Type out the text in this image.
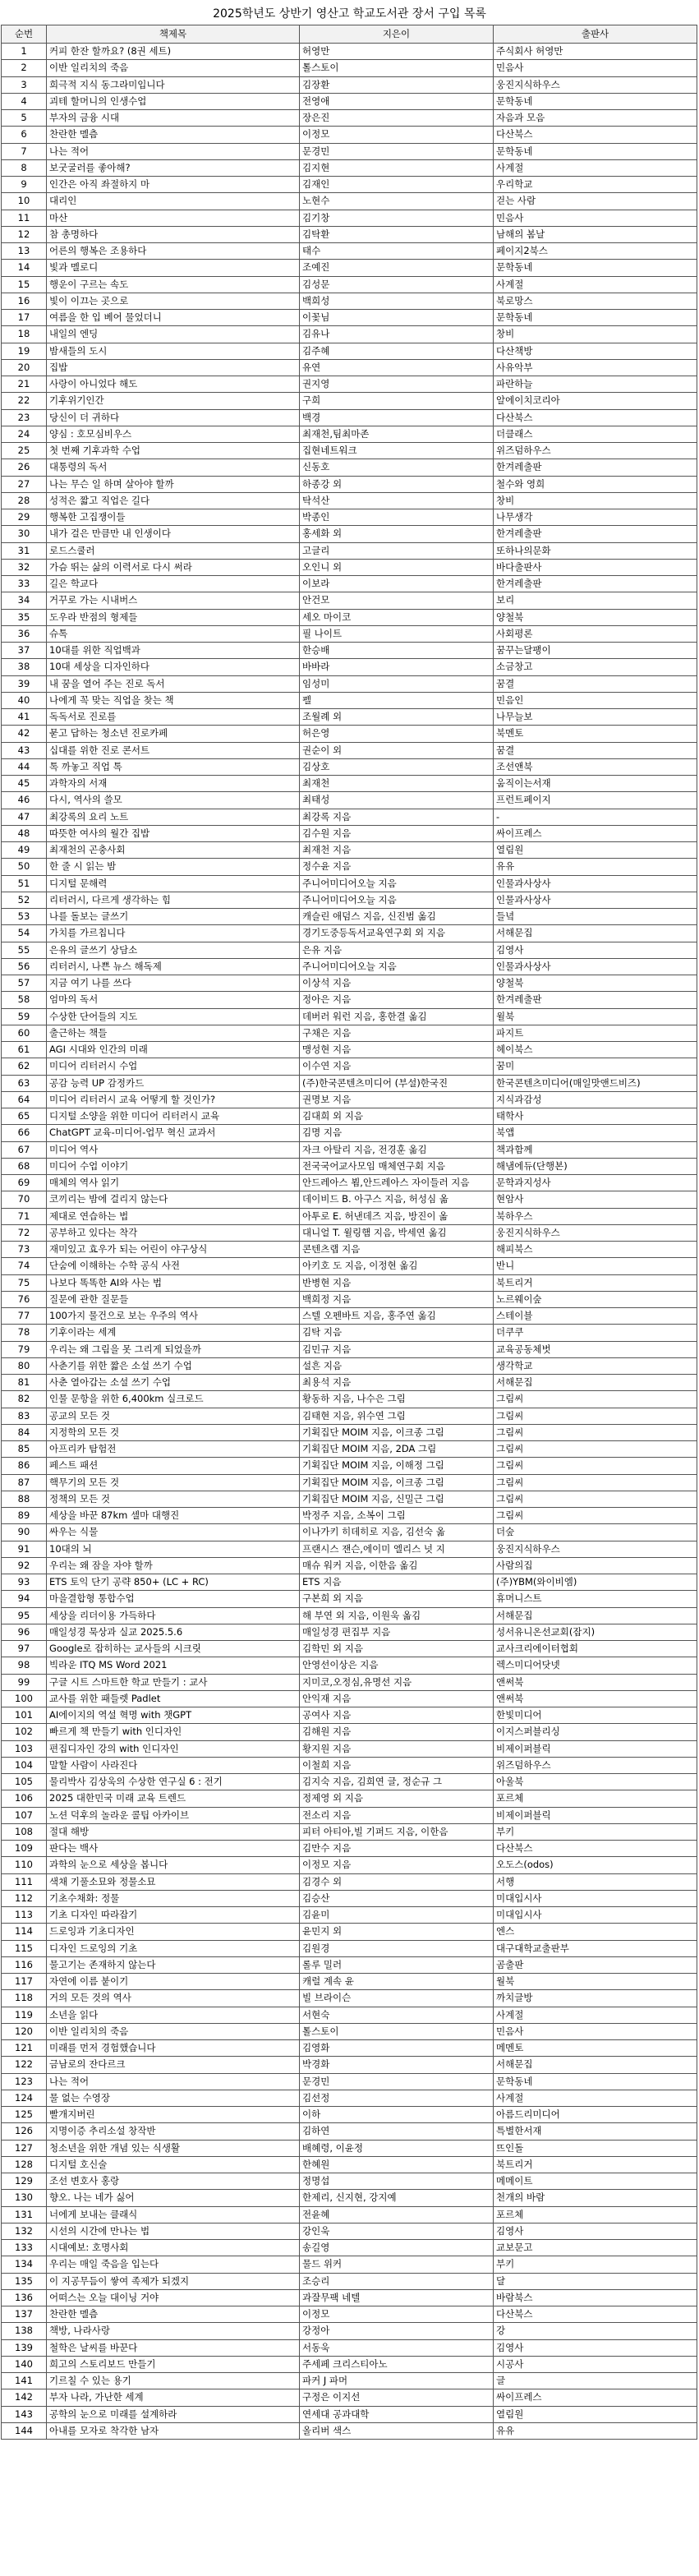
2025학년도 상반기 영산고 학교도서관 장서 구입 목록
순번	책제목	지은이	출판사
1	커피 한잔 할까요? (8권 세트)	허영만	주식회사 허영만
2	이반 일리치의 죽음	톨스토이	민음사
3	희극적 지식 동그라미입니다	김장환	웅진지식하우스
4	괴테 할머니의 인생수업	전영애	문학동네
5	부자의 금융 시대	장은진	자음과 모음
6	찬란한 멜츰	이정모	다산북스
7	나는 적어	문경민	문학동네
8	보굿굴러를 좋아해?	김지현	사계절
9	인간은 아직 좌절하지 마	김재인	우리학교
10	대리인	노현수	걷는 사람
11	마산	김기창	민음사
12	참 총명하다	김탁환	남해의 봄날
13	어른의 행복은 조용하다	태수	페이지2북스
14	빛과 멜로디	조예진	문학동네
15	행운이 구르는 속도	김성문	사계절
16	빛이 이끄는 곳으로	백희성	북로망스
17	여름을 한 입 베어 물었더니	이꽃님	문학동네
18	내일의 엔딩	김유나	창비
19	밤새들의 도시	김주혜	다산책방
20	집밥	유연	사유악부
21	사랑이 아니었다 해도	권지영	파란하늘
22	기후위기인간	구희	알에이치코리아
23	당신이 더 귀하다	백경	다산북스
24	양심 : 호모심비우스	최재천,팀최마존	더클래스
25	첫 번째 기후과학 수업	집현네트워크	위즈덤하우스
26	대통령의 독서	신동호	한겨레출판
27	나는 무슨 일 하며 살아야 할까	하종강 외	철수와 영희
28	성적은 짧고 직업은 길다	탁석산	창비
29	행복한 고집쟁이들	박종인	나무생각
30	내가 걸은 만큼만 내 인생이다	홍세화 외	한겨레출판
31	로드스쿨러	고글리	또하나의문화
32	가슴 뛰는 삶의 이력서로 다시 써라	오인니 외	바다출판사
33	길은 학교다	이보라	한겨레출판
34	거꾸로 가는 시내버스	안건모	보리
35	도우라 반점의 형제들	세오 마이코	양철북
36	슈톡	필 나이트	사회평론
37	10대를 위한 직업백과	한승배	꿈꾸는달팽이
38	10대 세상을 디자인하다	바바라	소금창고
39	내 꿈을 열어 주는 진로 독서	임성미	꿈결
40	나에게 꼭 맞는 직업을 찾는 책	펠	민음인
41	독독서로 진로를	조월례 외	나무늘보
42	묻고 답하는 청소년 진로카페	허은영	북멘토
43	십대를 위한 진로 콘서트	권순이 외	꿈결
44	톡 까놓고 직업 톡	김상호	조선앤북
45	과학자의 서재	최재천	움직이는서재
46	다시, 역사의 쓸모	최태성	프런트페이지
47	최강록의 요리 노트	최강록 지음	-
48	따뜻한 여사의 월간 집밥	김수원 지음	싸이프레스
49	최재천의 곤충사회	최재천 지음	열림원
50	한 줄 시 읽는 밤	정수윤 지음	유유
51	디지털 문해력	주니어미디어오늘 지음	인물과사상사
52	리터러시, 다르게 생각하는 힘	주니어미디어오늘 지음	인물과사상사
53	나를 돌보는 글쓰기	캐슬린 애덤스 지음, 신진범 옮김	들녘
54	가치를 가르칩니다	경기도중등독서교육연구회 외 지음	서해문집
55	은유의 글쓰기 상담소	은유 지음	김영사
56	리터러시, 나쁜 뉴스 해독제	주니어미디어오늘 지음	인물과사상사
57	지금 여기 나를 쓰다	이상석 지음	양철북
58	엄마의 독서	정아은 지음	한겨레출판
59	수상한 단어들의 지도	데버러 워런 지음, 홍한결 옮김	윌북
60	출근하는 책들	구채은 지음	파지트
61	AGI 시대와 인간의 미래	맹성현 지음	헤이북스
62	미디어 리터러시 수업	이수연 지음	꿈미
63	공감 능력 UP 감정카드	(주)한국콘텐츠미디어 (부설)한국진	한국콘텐츠미디어(매일맛앤드비즈)
64	미디어 리터러시 교육 어떻게 할 것인가?	권명보 지음	지식과감성
65	디지털 소양을 위한 미디어 리터러시 교육	김대희 외 지음	태학사
66	ChatGPT 교육-미디어-업무 혁신 교과서	김명 지음	북앱
67	미디어 역사	자크 아탈리 지음, 전경훈 옮김	책과함께
68	미디어 수업 이야기	전국국어교사모임 매체연구회 지음	해냄에듀(단행본)
69	매체의 역사 읽기	안드레아스 뵘,안드레아스 자이들러 지음	문학과지성사
70	코끼리는 밤에 걸리지 않는다	데이비드 B. 아구스 지음, 허성심 옮	현암사
71	제대로 연습하는 법	아투로 E. 허낸데즈 지음, 방진이 옮	북하우스
72	공부하고 있다는 착각	대니얼 T. 윌링햄 지음, 박세연 옮김	웅진지식하우스
73	재미있고 효우가 되는 어린이 야구상식	콘텐츠랩 지음	해피북스
74	단숨에 이해하는 수학 공식 사전	아키호 도 지음, 이정현 옮김	반니
75	나보다 똑똑한 AI와 사는 법	반병현 지음	북트리거
76	질문에 관한 질문들	백희정 지음	노르웨이숲
77	100가지 물건으로 보는 우주의 역사	스텔 오펜바트 지음, 홍주연 옮김	스테이블
78	기후이라는 세계	김탁 지음	더쿠쿠
79	우리는 왜 그림을 못 그리게 되었을까	김민규 지음	교육공동체벗
80	사춘기를 위한 짧은 소설 쓰기 수업	설흔 지음	생각학교
81	사춘 열아갑는 소설 쓰기 수업	최용석 지음	서해문집
82	인물 문항을 위한 6,400km 실크로드	황동하 지음, 나수은 그림	그림씨
83	공교의 모든 것	김태현 지음, 위수연 그림	그림씨
84	지정학의 모든 것	기획집단 MOIM 지음, 이크종 그림	그림씨
85	아프리카 탐험전	기획집단 MOIM 지음, 2DA 그림	그림씨
86	페스트 패션	기획집단 MOIM 지음, 이해정 그림	그림씨
87	핵무기의 모든 것	기획집단 MOIM 지음, 이크종 그림	그림씨
88	정책의 모든 것	기획집단 MOIM 지음, 신밀근 그림	그림씨
89	세상을 바꾼 87km 셀마 대행진	박정주 지음, 소복이 그림	그림씨
90	싸우는 식물	이나가키 히데히로 지음, 김선숙 옮	더숲
91	10대의 뇌	프랜시스 잰슨,에이미 엘리스 넛 지	웅진지식하우스
92	우리는 왜 잠을 자야 할까	매슈 워커 지음, 이한음 옮김	사람의집
93	ETS 토익 단기 공략 850+ (LC + RC)	ETS 지음	(주)YBM(와이비엠)
94	마을결합형 통합수업	구본희 외 지음	휴머니스트
95	세상을 리더이용 가득하다	해 부연 외 지음, 이원욱 옮김	서해문집
96	매일성경 묵상과 실교 2025.5.6	매일성경 편집부 지음	성서유니온선교회(잡지)
97	Google로 잡히하는 교사들의 시크릿	김학민 외 지음	교사크리에이터협회
98	빅라운 ITQ MS Word 2021	안영선이상은 지음	렉스미디어닷넷
99	구글 시트 스마트한 학교 만들기 : 교사	지미코,오정심,유명선 지음	앤써북
100	교사를 위한 패들렛 Padlet	안익재 지음	앤써북
101	AI에이지의 역설 혁명 with 챗GPT	공여사 지음	한빛미디어
102	빠르게 책 만들기 with 인디자인	김해원 지음	이지스퍼블리싱
103	편집디자인 강의 with 인디자인	황지원 지음	비제이퍼블릭
104	말할 사람이 사라진다	이철희 지음	위즈덤하우스
105	물리박사 김상욱의 수상한 연구실 6 : 전기	김지숙 지음, 김희연 글, 정순규 그	아울북
106	2025 대한민국 미래 교육 트렌드	정제영 외 지음	포르체
107	노션 덕후의 놀라운 콜팁 아카이브	전소리 지음	비제이퍼블릭
108	절대 해방	피터 아티아,빌 기퍼드 지음, 이한음	부키
109	판다는 백사	김만수 지음	다산북스
110	과학의 눈으로 세상을 봅니다	이정모 지음	오도스(odos)
111	색채 기풀소묘와 정물소묘	김경수 외	서행
112	기초수채화: 정물	김승산	미대입시사
113	기초 디자인 따라잡기	김윤미	미대입시사
114	드로잉과 기초디자인	윤민지 외	엔스
115	디자인 드로잉의 기초	김원경	대구대학교출판부
116	물고기는 존재하지 않는다	롤루 밀러	곰출판
117	자연에 이름 붙이기	캐럴 계속 윤	월북
118	거의 모든 것의 역사	빌 브라이슨	까치글방
119	소년을 읽다	서현숙	사계절
120	이반 일리치의 죽음	톨스토이	민음사
121	미래를 먼저 경험했습니다	김영화	메멘토
122	금남로의 잔다르크	박경화	서해문집
123	나는 적어	문경민	문학동네
124	물 없는 수영장	김선정	사계절
125	빨개지버린	이하	아름드리미디어
126	지명이증 추리소설 창작반	김하연	특별한서재
127	청소년을 위한 개념 있는 식생활	배혜령, 이윤정	뜨인돌
128	디지털 호신술	한혜원	북트리거
129	조선 변호사 홍랑	정명섭	메메이트
130	향오. 나는 네가 싫어	한제리, 신지현, 강지예	천개의 바람
131	너에게 보내는 클래식	전윤혜	포르체
132	시선의 시간에 만나는 법	강인욱	김영사
133	시대예보: 호명사회	송길영	교보문고
134	우리는 매일 죽음을 입는다	물드 위커	부키
135	이 지공무듬이 쌓여 족제가 되겠지	조승리	달
136	어떠스는 오늘 대이닝 거야	과잘무팩 네텔	바람북스
137	찬란한 멜츰	이정모	다산북스
138	책방, 나라사랑	강정아	강
139	철학은 날씨를 바꾼다	서동욱	김영사
140	희고의 스토리보드 만들기	주세페 크리스티아노	시공사
141	기르칠 수 있는 용기	파커 J 파머	글
142	부자 나라, 가난한 세계	구정은 이지선	싸이프레스
143	공학의 눈으로 미래를 설계하라	연세대 공과대학	열림원
144	아내를 모자로 착각한 남자	올리버 색스	유유
